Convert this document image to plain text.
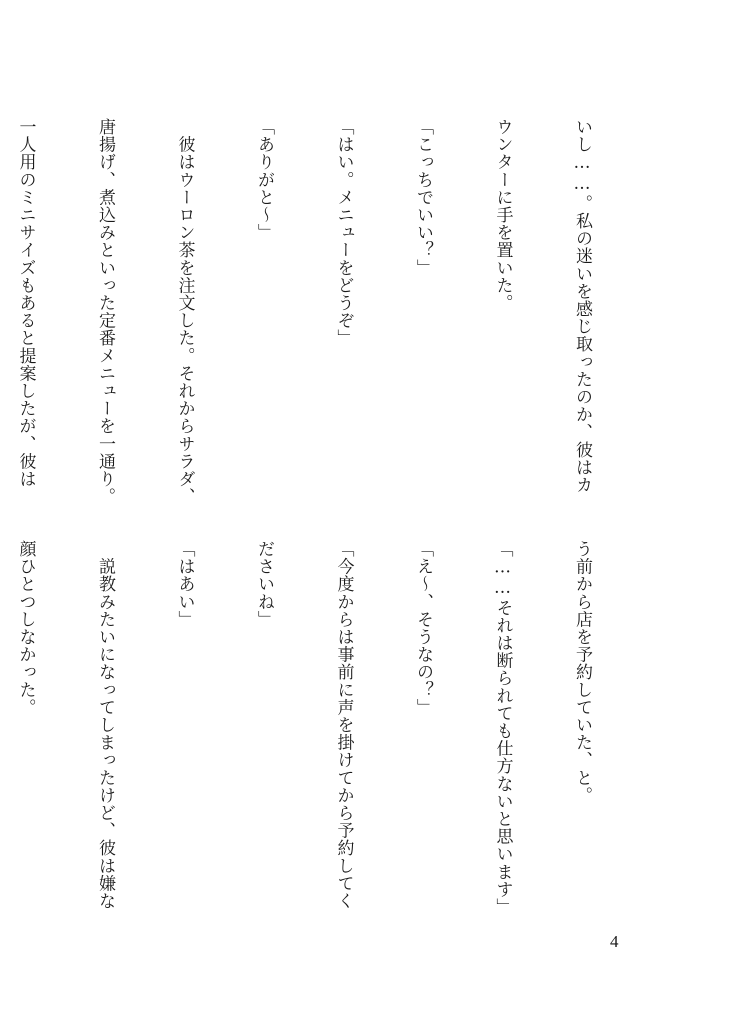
いし……。私の迷いを感じ取ったのか、彼はカ

ウンターに手を置いた。

「こっちでいい？」

「はい。メニューをどうぞ」

「ありがと～」

　彼はウーロン茶を注文した。それからサラダ、

唐揚げ、煮込みといった定番メニューを一通り。

一人用のミニサイズもあると提案したが、彼は

う前から店を予約していた、と。

「……それは断られても仕方ないと思います」

「え～、そうなの？」

「今度からは事前に声を掛けてから予約してく

ださいね」

「はあい」

　説教みたいになってしまったけど、彼は嫌な

顔ひとつしなかった。

4
